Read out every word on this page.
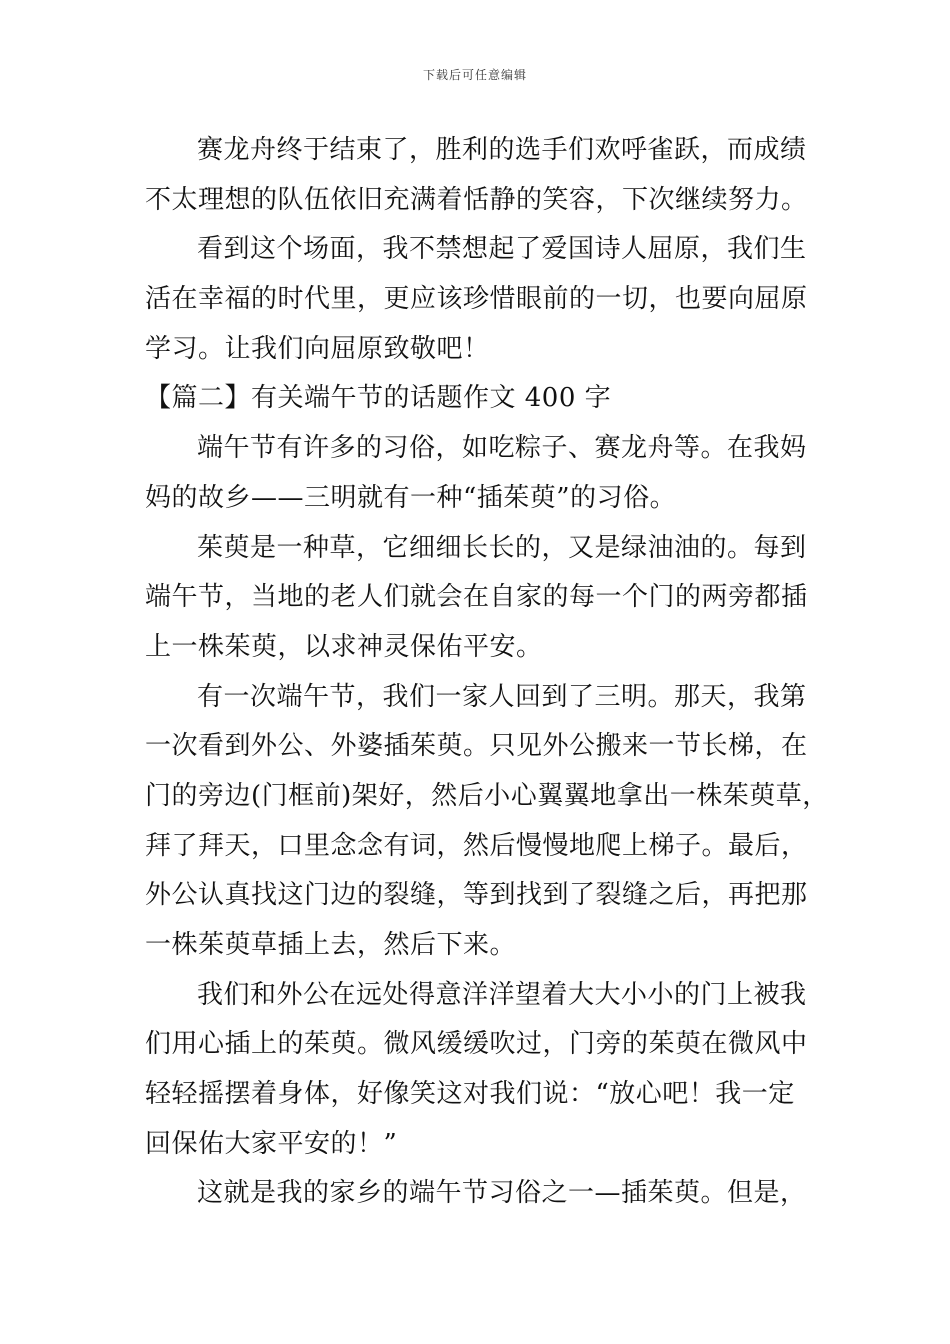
下载后可任意编辑
赛龙舟终于结束了，胜利的选手们欢呼雀跃，而成绩
不太理想的队伍依旧充满着恬静的笑容，下次继续努力。
看到这个场面，我不禁想起了爱国诗人屈原，我们生
活在幸福的时代里，更应该珍惜眼前的一切，也要向屈原
学习。让我们向屈原致敬吧！
【篇二】有关端午节的话题作文 400 字
端午节有许多的习俗，如吃粽子、赛龙舟等。在我妈
妈的故乡——三明就有一种“插茱萸”的习俗。
茱萸是一种草，它细细长长的，又是绿油油的。每到
端午节，当地的老人们就会在自家的每一个门的两旁都插
上一株茱萸，以求神灵保佑平安。
有一次端午节，我们一家人回到了三明。那天，我第
一次看到外公、外婆插茱萸。只见外公搬来一节长梯，在
门的旁边(门框前)架好，然后小心翼翼地拿出一株茱萸草，
拜了拜天，口里念念有词，然后慢慢地爬上梯子。最后，
外公认真找这门边的裂缝，等到找到了裂缝之后，再把那
一株茱萸草插上去，然后下来。
我们和外公在远处得意洋洋望着大大小小的门上被我
们用心插上的茱萸。微风缓缓吹过，门旁的茱萸在微风中
轻轻摇摆着身体，好像笑这对我们说：“放心吧！我一定
回保佑大家平安的！”
这就是我的家乡的端午节习俗之一—插茱萸。但是，
